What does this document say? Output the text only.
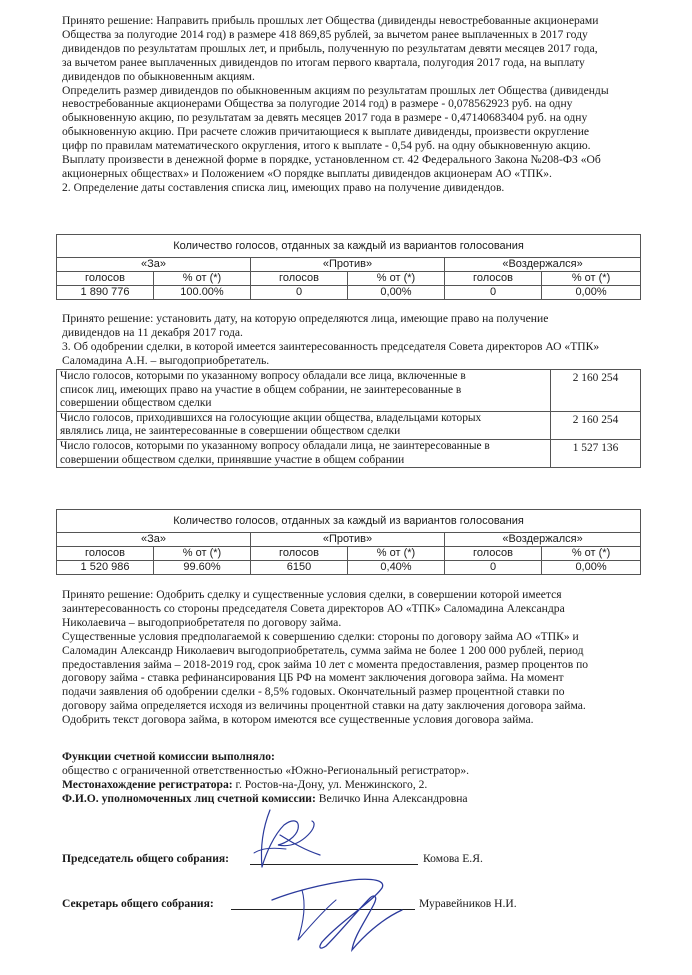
Принято решение: Направить прибыль прошлых лет Общества (дивиденды невостребованные акционерами
Общества за полугодие 2014 год) в размере 418 869,85 рублей, за вычетом ранее выплаченных в 2017 году
дивидендов по результатам прошлых лет, и прибыль, полученную по результатам девяти месяцев 2017 года,
за вычетом ранее выплаченных дивидендов по итогам первого квартала, полугодия 2017 года, на выплату
дивидендов по обыкновенным акциям.
Определить размер дивидендов по обыкновенным акциям по результатам прошлых лет Общества (дивиденды
невостребованные акционерами Общества за полугодие 2014 год) в размере - 0,078562923 руб. на одну
обыкновенную акцию, по результатам за девять месяцев 2017 года в размере - 0,47140683404 руб. на одну
обыкновенную акцию. При расчете сложив причитающиеся к выплате дивиденды, произвести округление
цифр по правилам математического округления, итого к выплате - 0,54 руб. на одну обыкновенную акцию.
Выплату произвести в денежной форме в порядке, установленном ст. 42 Федерального Закона №208-ФЗ «Об
акционерных обществах» и Положением «О порядке выплаты дивидендов акционерам АО «ТПК».
2. Определение даты составления списка лиц, имеющих право на получение дивидендов.
Количество голосов, отданных за каждый из вариантов голосования					
«За»		«Против»		«Воздержался»	
голосов	% от (*)	голосов	% от (*)	голосов	% от (*)
1 890 776	100.00%	0	0,00%	0	0,00%
Принято решение: установить дату, на которую определяются лица, имеющие право на получение
дивидендов на 11 декабря 2017 года.
3. Об одобрении сделки, в которой имеется заинтересованность председателя Совета директоров АО «ТПК»
Саломадина А.Н. – выгодоприобретатель.
Число голосов, которыми по указанному вопросу обладали все лица, включенные в
список лиц, имеющих право на участие в общем собрании, не заинтересованные в
совершении обществом сделки	2 160 254

Число голосов, приходившихся на голосующие акции общества, владельцами которых
являлись лица, не заинтересованные в совершении обществом сделки	2 160 254

Число голосов, которыми по указанному вопросу обладали лица, не заинтересованные в
совершении обществом сделки, принявшие участие в общем собрании	1 527 136
Количество голосов, отданных за каждый из вариантов голосования					
«За»		«Против»		«Воздержался»	
голосов	% от (*)	голосов	% от (*)	голосов	% от (*)
1 520 986	99.60%	6150	0,40%	0	0,00%
Принято решение: Одобрить сделку и существенные условия сделки, в совершении которой имеется
заинтересованность со стороны председателя Совета директоров АО «ТПК» Саломадина Александра
Николаевича – выгодоприобретателя по договору займа.
Существенные условия предполагаемой к совершению сделки: стороны по договору займа АО «ТПК» и
Саломадин Александр Николаевич выгодоприобретатель, сумма займа не более 1 200 000 рублей, период
предоставления займа – 2018-2019 год, срок займа 10 лет с момента предоставления, размер процентов по
договору займа - ставка рефинансирования ЦБ РФ на момент заключения договора займа. На момент
подачи заявления об одобрении сделки - 8,5% годовых. Окончательный размер процентной ставки по
договору займа определяется исходя из величины процентной ставки на дату заключения договора займа.
Одобрить текст договора займа, в котором имеются все существенные условия договора займа.
Функции счетной комиссии выполняло:
общество с ограниченной ответственностью «Южно-Региональный регистратор».
Местонахождение регистратора: г. Ростов-на-Дону, ул. Менжинского, 2.
Ф.И.О. уполномоченных лиц счетной комиссии: Величко Инна Александровна
Председатель общего собрания:	Комова Е.Я.
Секретарь общего собрания:	Муравейников Н.И.
